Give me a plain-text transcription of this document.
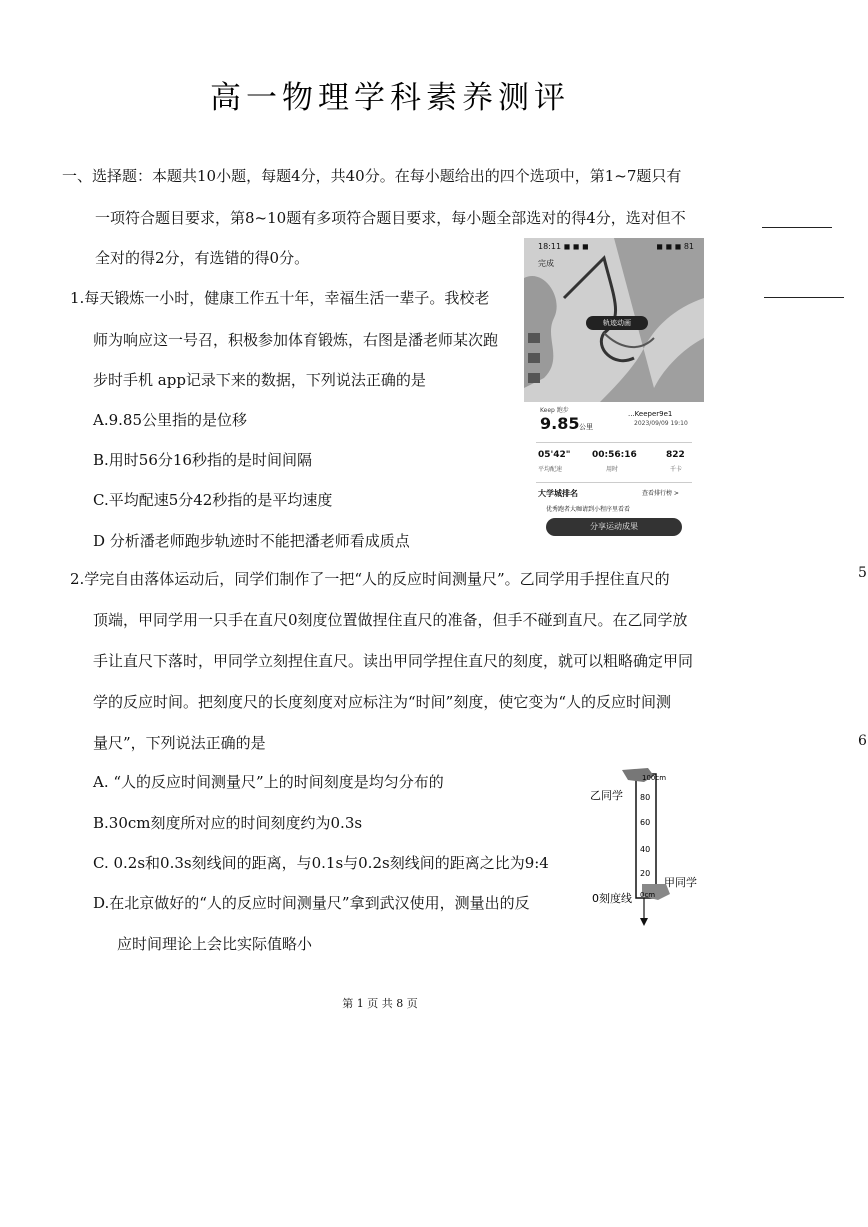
高一物理学科素养测评
一、选择题：本题共10小题，每题4分，共40分。在每小题给出的四个选项中，第1~7题只有
一项符合题目要求，第8~10题有多项符合题目要求，每小题全部选对的得4分，选对但不
全对的得2分，有选错的得0分。
1.每天锻炼一小时，健康工作五十年，幸福生活一辈子。我校老
师为响应这一号召，积极参加体育锻炼，右图是潘老师某次跑
步时手机 app记录下来的数据，下列说法正确的是
A.9.85公里指的是位移
B.用时56分16秒指的是时间间隔
C.平均配速5分42秒指的是平均速度
D 分析潘老师跑步轨迹时不能把潘老师看成质点
18:11 ◼ ◼ ◼	◼ ◼ ◼ 81
完成
轨迹动画
Keep 跑步
9.85 公里
...Keeper9e1
2023/09/09 19:10
05'42"
平均配速
00:56:16
用时
822
千卡
大学城排名	查看排行榜 >
优秀跑者大咖请到小程序里看看
分享运动成果
2.学完自由落体运动后，同学们制作了一把“人的反应时间测量尺”。乙同学用手捏住直尺的
顶端，甲同学用一只手在直尺0刻度位置做捏住直尺的准备，但手不碰到直尺。在乙同学放
手让直尺下落时，甲同学立刻捏住直尺。读出甲同学捏住直尺的刻度，就可以粗略确定甲同
学的反应时间。把刻度尺的长度刻度对应标注为“时间”刻度，使它变为“人的反应时间测
量尺”，下列说法正确的是
A. “人的反应时间测量尺”上的时间刻度是均匀分布的
B.30cm刻度所对应的时间刻度约为0.3s
C. 0.2s和0.3s刻线间的距离，与0.1s与0.2s刻线间的距离之比为9:4
D.在北京做好的“人的反应时间测量尺”拿到武汉使用，测量出的反
应时间理论上会比实际值略小
100cm
80
60
40
20
0cm
乙同学
甲同学
0刻度线
5
6
第 1 页 共 8 页
